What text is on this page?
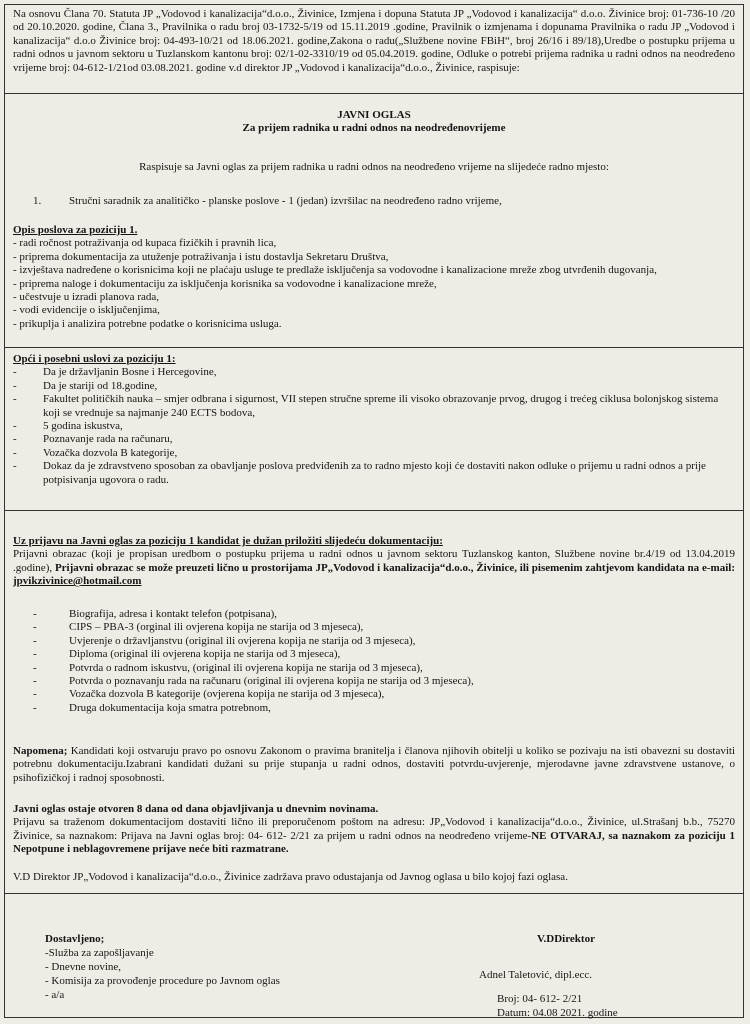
Na osnovu Člana 70. Statuta JP „Vodovod i kanalizacija“d.o.o., Živinice, Izmjena i dopuna Statuta JP „Vodovod i kanalizacija“ d.o.o. Živinice broj: 01-736-10 /20 od 20.10.2020. godine, Člana 3., Pravilnika o radu broj 03-1732-5/19 od 15.11.2019 .godine, Pravilnik o izmjenama i dopunama Pravilnika o radu JP „Vodovod i kanalizacija“ d.o.o Živinice broj: 04-493-10/21 od 18.06.2021. godine,Zakona o radu(„Službene novine FBiH“, broj 26/16 i 89/18),Uredbe o postupku prijema u radni odnos u javnom sektoru u Tuzlanskom kantonu broj: 02/1-02-3310/19 od 05.04.2019. godine, Odluke o potrebi prijema radnika u radni odnos na neodređeno vrijeme broj: 04-612-1/21od 03.08.2021. godine v.d direktor JP „Vodovod i kanalizacija“d.o.o., Živinice, raspisuje:
JAVNI OGLAS
Za prijem radnika u radni odnos na neodređenovrijeme
Raspisuje sa Javni oglas za prijem radnika u radni odnos na neodređeno vrijeme na slijedeće radno mjesto:
1.	Stručni saradnik za analitičko - planske poslove - 1 (jedan) izvršilac na neodređeno radno vrijeme,
Opis poslova za poziciju 1.
- radi ročnost potraživanja od kupaca fizičkih i pravnih lica,
- priprema dokumentacija za utuženje potraživanja i istu dostavlja Sekretaru Društva,
- izvještava nadređene o korisnicima koji ne plaćaju usluge te predlaže isključenja sa vodovodne i kanalizacione mreže zbog utvrđenih dugovanja,
- priprema naloge i dokumentaciju za isključenja korisnika sa vodovodne i kanalizacione mreže,
- učestvuje u izradi planova rada,
- vodi evidencije o isključenjima,
- prikuplja i analizira potrebne podatke o korisnicima usluga.
Opći i posebni uslovi za poziciju 1:
-	Da je državljanin Bosne i Hercegovine,
-	Da je stariji od 18.godine,
-	Fakultet političkih nauka – smjer odbrana i sigurnost, VII stepen stručne spreme ili visoko obrazovanje prvog, drugog i trećeg ciklusa bolonjskog sistema koji se vrednuje sa najmanje 240 ECTS bodova,
-	5 godina iskustva,
-	Poznavanje rada na računaru,
-	Vozačka dozvola B kategorije,
-	Dokaz da je zdravstveno sposoban za obavljanje poslova predviđenih za to radno mjesto koji će dostaviti nakon odluke o prijemu u radni odnos a prije potpisivanja ugovora o radu.
Uz prijavu na Javni oglas za poziciju 1 kandidat je dužan priložiti slijedeću dokumentaciju:
Prijavni obrazac (koji je propisan uredbom o postupku prijema u radni odnos u javnom sektoru Tuzlanskog kanton, Službene novine br.4/19 od 13.04.2019 .godine), Prijavni obrazac se može preuzeti lično u prostorijama JP„Vodovod i kanalizacija“d.o.o., Živinice, ili pisemenim zahtjevom kandidata na e-mail: jpvikzivinice@hotmail.com
-	Biografija, adresa i kontakt telefon (potpisana),
-	CIPS – PBA-3 (orginal ili ovjerena kopija ne starija od 3 mjeseca),
-	Uvjerenje o državljanstvu (original ili ovjerena kopija ne starija od 3 mjeseca),
-	Diploma (original ili ovjerena kopija ne starija od 3 mjeseca),
-	Potvrda o radnom iskustvu, (original ili ovjerena kopija ne starija od 3 mjeseca),
-	Potvrda o poznavanju rada na računaru (original ili ovjerena kopija ne starija od 3 mjeseca),
-	Vozačka dozvola B kategorije (ovjerena kopija ne starija od 3 mjeseca),
-	Druga dokumentacija koja smatra potrebnom,
Napomena; Kandidati koji ostvaruju pravo po osnovu Zakonom o pravima branitelja i članova njihovih obitelji u koliko se pozivaju na isti obavezni su dostaviti potrebnu dokumentaciju.Izabrani kandidati dužani su prije stupanja u radni odnos, dostaviti potvrdu-uvjerenje, mjerodavne javne zdravstvene ustanove, o psihofizičkoj i radnoj sposobnosti.
Javni oglas ostaje otvoren 8 dana od dana objavljivanja u dnevnim novinama.
Prijavu sa traženom dokumentacijom dostaviti lično ili preporučenom poštom na adresu: JP„Vodovod i kanalizacija“d.o.o., Živinice, ul.Strašanj b.b., 75270 Živinice, sa naznakom: Prijava na Javni oglas broj: 04- 612- 2/21 za prijem u radni odnos na neodređeno vrijeme-NE OTVARAJ, sa naznakom za poziciju 1 Nepotpune i neblagovremene prijave neće biti razmatrane.
V.D Direktor JP„Vodovod i kanalizacija“d.o.o., Živinice zadržava pravo odustajanja od Javnog oglasa u bilo kojoj fazi oglasa.
Dostavljeno;
-Služba za zapošljavanje
- Dnevne novine,
- Komisija za provođenje procedure po Javnom oglas
- a/a
V.DDirektor
Adnel Taletović, dipl.ecc.
Broj: 04- 612- 2/21
Datum: 04.08 2021. godine
